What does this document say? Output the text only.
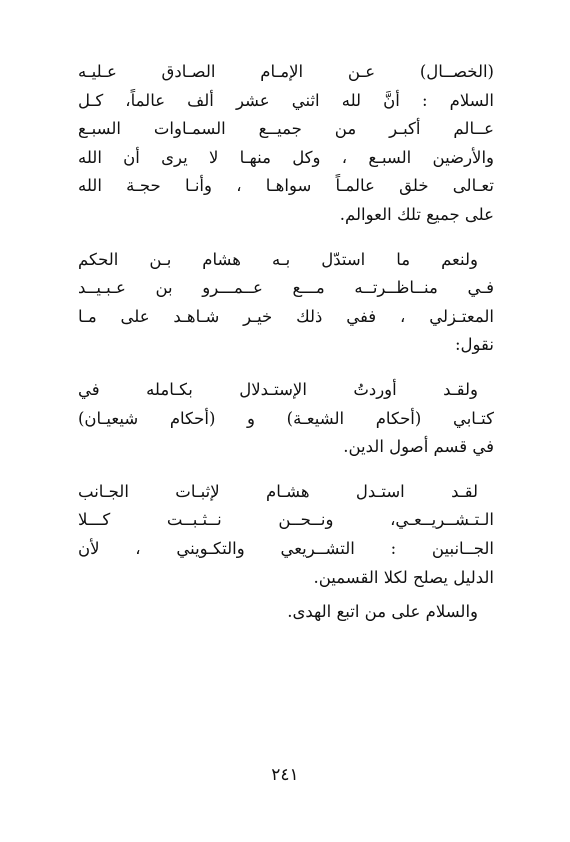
(الخصــال) عـن الإمـام الصـادق عـليـه
السلام : أنَّ لله اثني عشر ألف عالماً، كـل
عــالم أكبـر من جميــع السمـاوات السبـع
والأرضين السبـع ، وكل منهـا لا يرى أن الله
تعـالى خلق عالمـاً سواهـا ، وأنـا حجـة الله
على جميع تلك العوالم.

ولنعم ما استدّل بـه هشام بـن الحكم
فـي منــاظــرتــه مـــع عــمـــرو بن عـبـيــد
المعتـزلي ، ففي ذلك خيـر شـاهـد على مـا
نقول:

ولقـد أوردتُ الإستـدلال بكـامله في
كتـابي (أحكام الشيعـة) و (أحكام شيعيـان)
في قسم أصول الدين.

لقـد استـدل هشـام لإثبـات الجـانب
الـتـشــريــعـي، ونــحــن نــثـبــت كـــلا
الجــانبين : التشــريعي والتكـويني ، لأن
الدليل يصلح لكلا القسمين.

والسلام على من اتبع الهدى.

٢٤١
